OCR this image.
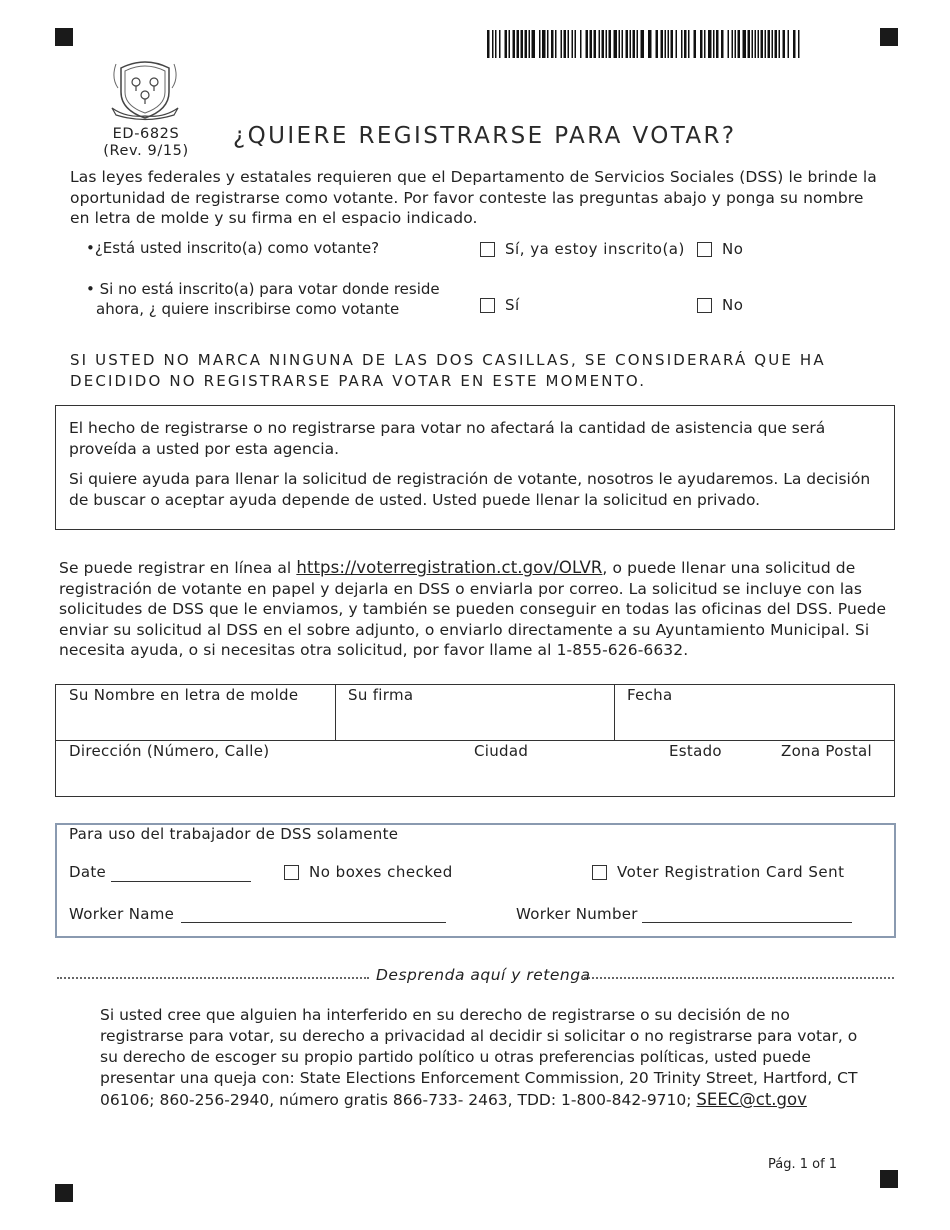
ED-682S
(Rev. 9/15)
¿QUIERE REGISTRARSE PARA VOTAR?
Las leyes federales y estatales requieren que el Departamento de Servicios Sociales (DSS) le brinde la oportunidad de registrarse como votante. Por favor conteste las preguntas abajo y ponga su nombre en letra de molde y su firma en el espacio indicado.
•¿Está usted inscrito(a) como votante?	Sí, ya estoy inscrito(a)	No
• Si no está inscrito(a) para votar donde reside ahora, ¿ quiere inscribirse como votante	Sí	No
SI USTED NO MARCA NINGUNA DE LAS DOS CASILLAS, SE CONSIDERARÁ QUE HA DECIDIDO NO REGISTRARSE PARA VOTAR EN ESTE MOMENTO.

El hecho de registrarse o no registrarse para votar no afectará la cantidad de asistencia que será proveída a usted por esta agencia.

Si quiere ayuda para llenar la solicitud de registración de votante, nosotros le ayudaremos. La decisión de buscar o aceptar ayuda depende de usted. Usted puede llenar la solicitud en privado.

Se puede registrar en línea al https://voterregistration.ct.gov/OLVR, o puede llenar una solicitud de registración de votante en papel y dejarla en DSS o enviarla por correo. La solicitud se incluye con las solicitudes de DSS que le enviamos, y también se pueden conseguir en todas las oficinas del DSS. Puede enviar su solicitud al DSS en el sobre adjunto, o enviarlo directamente a su Ayuntamiento Municipal. Si necesita ayuda, o si necesitas otra solicitud, por favor llame al 1-855-626-6632.
Su Nombre en letra de molde	Su firma	Fecha
Dirección (Número, Calle)	Ciudad	Estado	Zona Postal
Para uso del trabajador de DSS solamente
Date	No boxes checked	Voter Registration Card Sent
Worker Name	Worker Number
Desprenda aquí y retenga
Si usted cree que alguien ha interferido en su derecho de registrarse o su decisión de no registrarse para votar, su derecho a privacidad al decidir si solicitar o no registrarse para votar, o su derecho de escoger su propio partido político u otras preferencias políticas, usted puede presentar una queja con: State Elections Enforcement Commission, 20 Trinity Street, Hartford, CT 06106; 860-256-2940, número gratis 866-733- 2463, TDD: 1-800-842-9710; SEEC@ct.gov
Pág. 1 of 1
